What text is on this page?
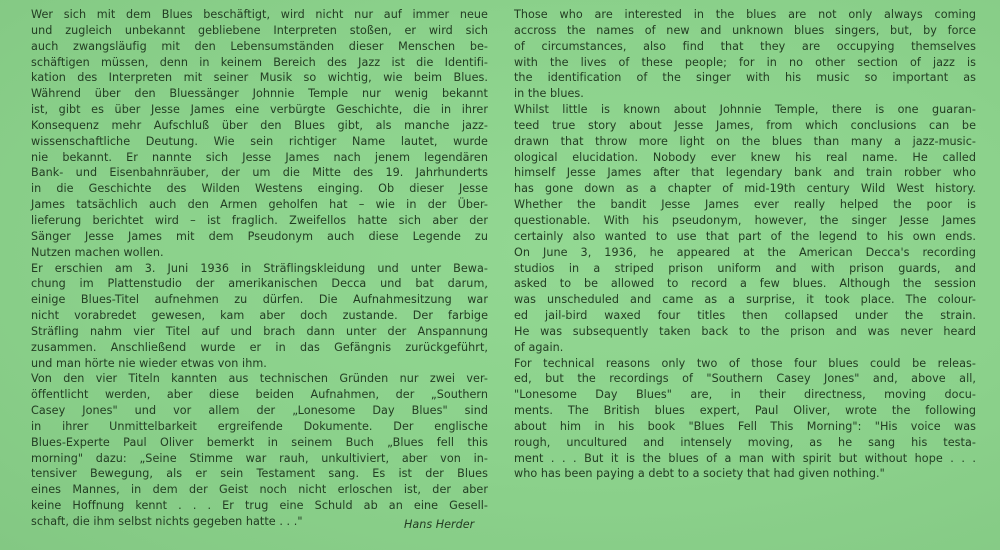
Wer sich mit dem Blues beschäftigt, wird nicht nur auf immer neue
und zugleich unbekannt gebliebene Interpreten stoßen, er wird sich
auch zwangsläufig mit den Lebensumständen dieser Menschen be-
schäftigen müssen, denn in keinem Bereich des Jazz ist die Identifi-
kation des Interpreten mit seiner Musik so wichtig, wie beim Blues.
Während über den Bluessänger Johnnie Temple nur wenig bekannt
ist, gibt es über Jesse James eine verbürgte Geschichte, die in ihrer
Konsequenz mehr Aufschluß über den Blues gibt, als manche jazz-
wissenschaftliche Deutung. Wie sein richtiger Name lautet, wurde
nie bekannt. Er nannte sich Jesse James nach jenem legendären
Bank- und Eisenbahnräuber, der um die Mitte des 19. Jahrhunderts
in die Geschichte des Wilden Westens einging. Ob dieser Jesse
James tatsächlich auch den Armen geholfen hat – wie in der Über-
lieferung berichtet wird – ist fraglich. Zweifellos hatte sich aber der
Sänger Jesse James mit dem Pseudonym auch diese Legende zu
Nutzen machen wollen.
Er erschien am 3. Juni 1936 in Sträflingskleidung und unter Bewa-
chung im Plattenstudio der amerikanischen Decca und bat darum,
einige Blues-Titel aufnehmen zu dürfen. Die Aufnahmesitzung war
nicht vorabredet gewesen, kam aber doch zustande. Der farbige
Sträfling nahm vier Titel auf und brach dann unter der Anspannung
zusammen. Anschließend wurde er in das Gefängnis zurückgeführt,
und man hörte nie wieder etwas von ihm.
Von den vier Titeln kannten aus technischen Gründen nur zwei ver-
öffentlicht werden, aber diese beiden Aufnahmen, der „Southern
Casey Jones" und vor allem der „Lonesome Day Blues" sind
in ihrer Unmittelbarkeit ergreifende Dokumente. Der englische
Blues-Experte Paul Oliver bemerkt in seinem Buch „Blues fell this
morning" dazu: „Seine Stimme war rauh, unkultiviert, aber von in-
tensiver Bewegung, als er sein Testament sang. Es ist der Blues
eines Mannes, in dem der Geist noch nicht erloschen ist, der aber
keine Hoffnung kennt . . . Er trug eine Schuld ab an eine Gesell-
schaft, die ihm selbst nichts gegeben hatte . . ."	Hans Herder
Those who are interested in the blues are not only always coming
accross the names of new and unknown blues singers, but, by force
of circumstances, also find that they are occupying themselves
with the lives of these people; for in no other section of jazz is
the identification of the singer with his music so important as
in the blues.
Whilst little is known about Johnnie Temple, there is one guaran-
teed true story about Jesse James, from which conclusions can be
drawn that throw more light on the blues than many a jazz-music-
ological elucidation. Nobody ever knew his real name. He called
himself Jesse James after that legendary bank and train robber who
has gone down as a chapter of mid-19th century Wild West history.
Whether the bandit Jesse James ever really helped the poor is
questionable. With his pseudonym, however, the singer Jesse James
certainly also wanted to use that part of the legend to his own ends.
On June 3, 1936, he appeared at the American Decca's recording
studios in a striped prison uniform and with prison guards, and
asked to be allowed to record a few blues. Although the session
was unscheduled and came as a surprise, it took place. The colour-
ed jail-bird waxed four titles then collapsed under the strain.
He was subsequently taken back to the prison and was never heard
of again.
For technical reasons only two of those four blues could be releas-
ed, but the recordings of "Southern Casey Jones" and, above all,
"Lonesome Day Blues" are, in their directness, moving docu-
ments. The British blues expert, Paul Oliver, wrote the following
about him in his book "Blues Fell This Morning": "His voice was
rough, uncultured and intensely moving, as he sang his testa-
ment . . . But it is the blues of a man with spirit but without hope . . .
who has been paying a debt to a society that had given nothing."
